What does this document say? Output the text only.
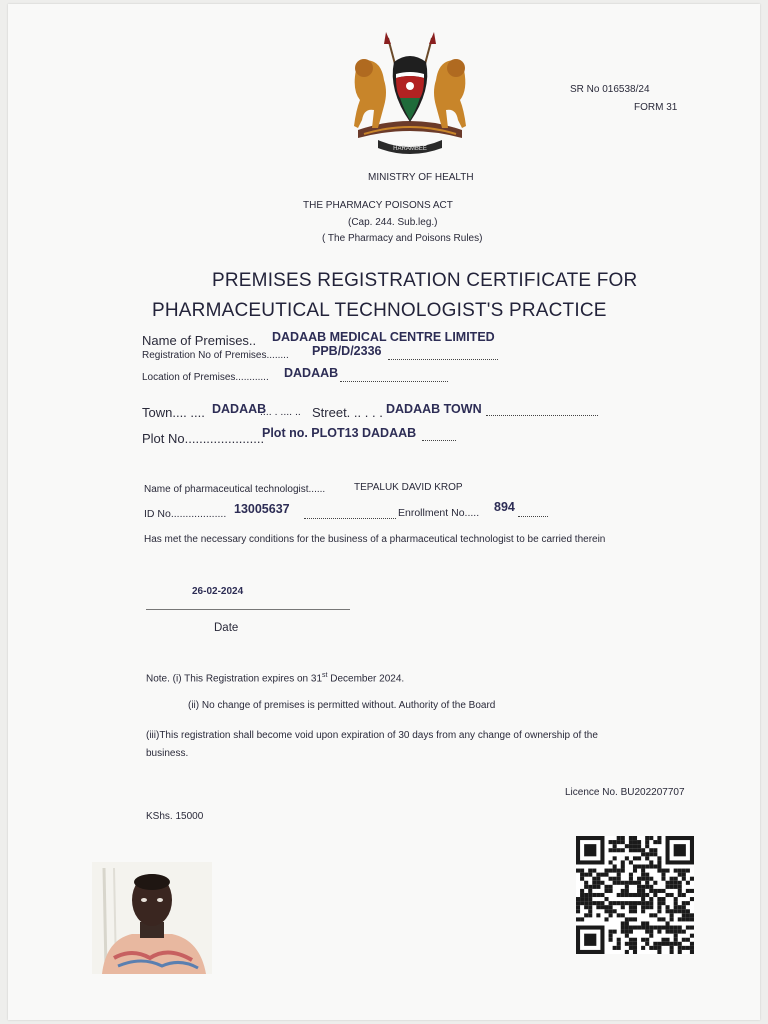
HARAMBEE
SR No 016538/24
FORM 31
MINISTRY OF HEALTH
THE PHARMACY POISONS ACT
(Cap. 244. Sub.leg.)
( The Pharmacy and Poisons Rules)
PREMISES REGISTRATION CERTIFICATE FOR
PHARMACEUTICAL TECHNOLOGIST'S PRACTICE
Name of Premises.. DADAAB MEDICAL CENTRE LIMITED
Registration No of Premises........ PPB/D/2336
Location of Premises............ DADAAB
Town.... .... DADAAB
.... . .... .. Street. .. . . . DADAAB TOWN
Plot No......................
Plot no. PLOT13 DADAAB
Name of pharmaceutical technologist......	TEPALUK DAVID KROP
ID No................... 13005637	Enrollment No..... 894
Has met the necessary conditions for the business of a pharmaceutical technologist to be carried therein
26-02-2024
Date
Note. (i) This Registration expires on 31st December 2024.
(ii) No change of premises is permitted without. Authority of the Board
(iii)This registration shall become void upon expiration of 30 days from any change of ownership of the
business.
Licence No. BU202207707
KShs. 15000
